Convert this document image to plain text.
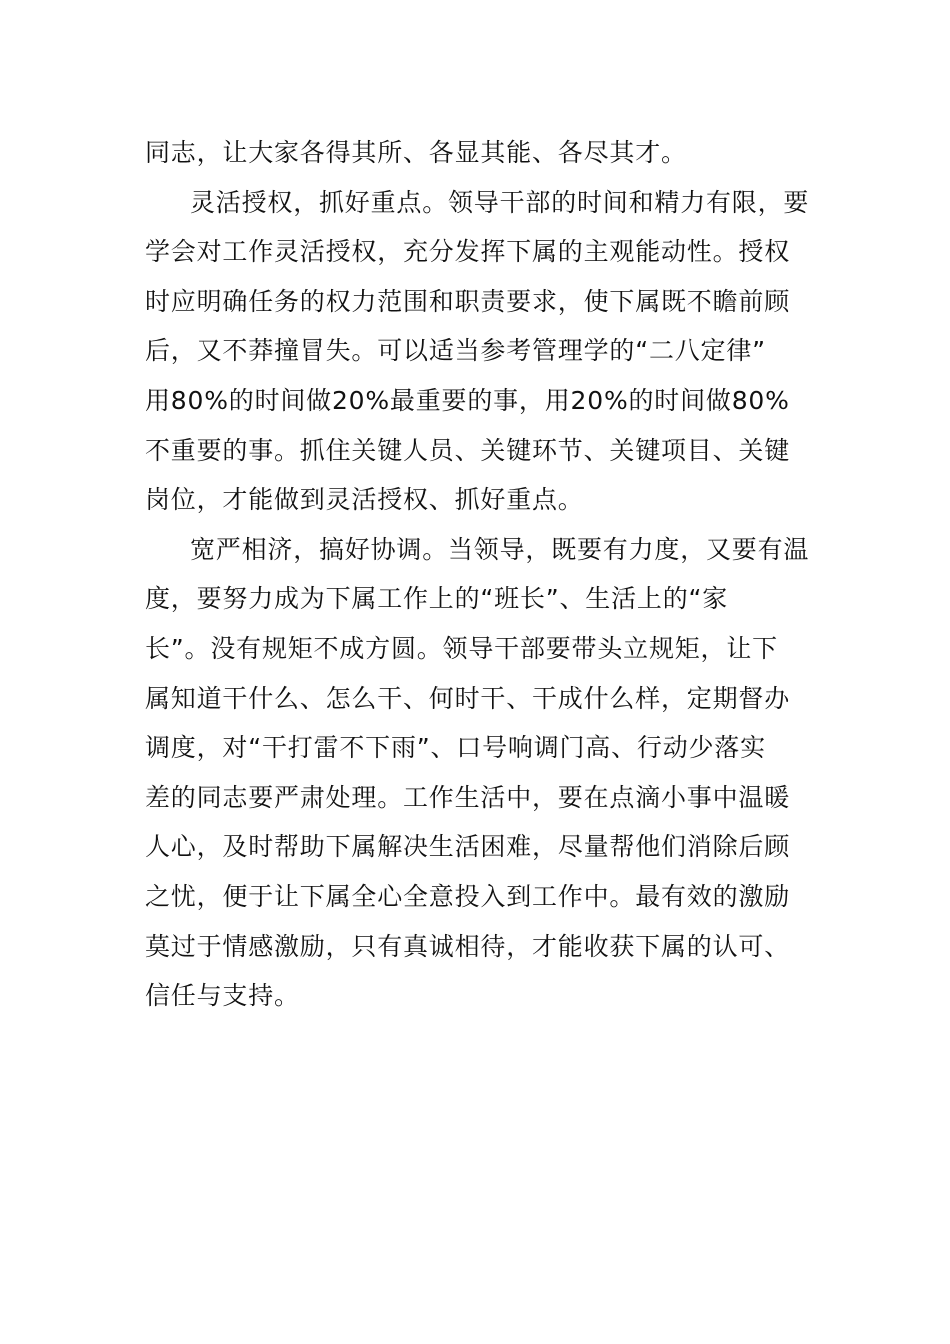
同志，让大家各得其所、各显其能、各尽其才。
灵活授权，抓好重点。领导干部的时间和精力有限，要
学会对工作灵活授权，充分发挥下属的主观能动性。授权
时应明确任务的权力范围和职责要求，使下属既不瞻前顾
后，又不莽撞冒失。可以适当参考管理学的“二八定律”
用80%的时间做20%最重要的事，用20%的时间做80%
不重要的事。抓住关键人员、关键环节、关键项目、关键
岗位，才能做到灵活授权、抓好重点。
宽严相济，搞好协调。当领导，既要有力度，又要有温
度，要努力成为下属工作上的“班长”、生活上的“家
长”。没有规矩不成方圆。领导干部要带头立规矩，让下
属知道干什么、怎么干、何时干、干成什么样，定期督办
调度，对“干打雷不下雨”、口号响调门高、行动少落实
差的同志要严肃处理。工作生活中，要在点滴小事中温暖
人心，及时帮助下属解决生活困难，尽量帮他们消除后顾
之忧，便于让下属全心全意投入到工作中。最有效的激励
莫过于情感激励，只有真诚相待，才能收获下属的认可、
信任与支持。
